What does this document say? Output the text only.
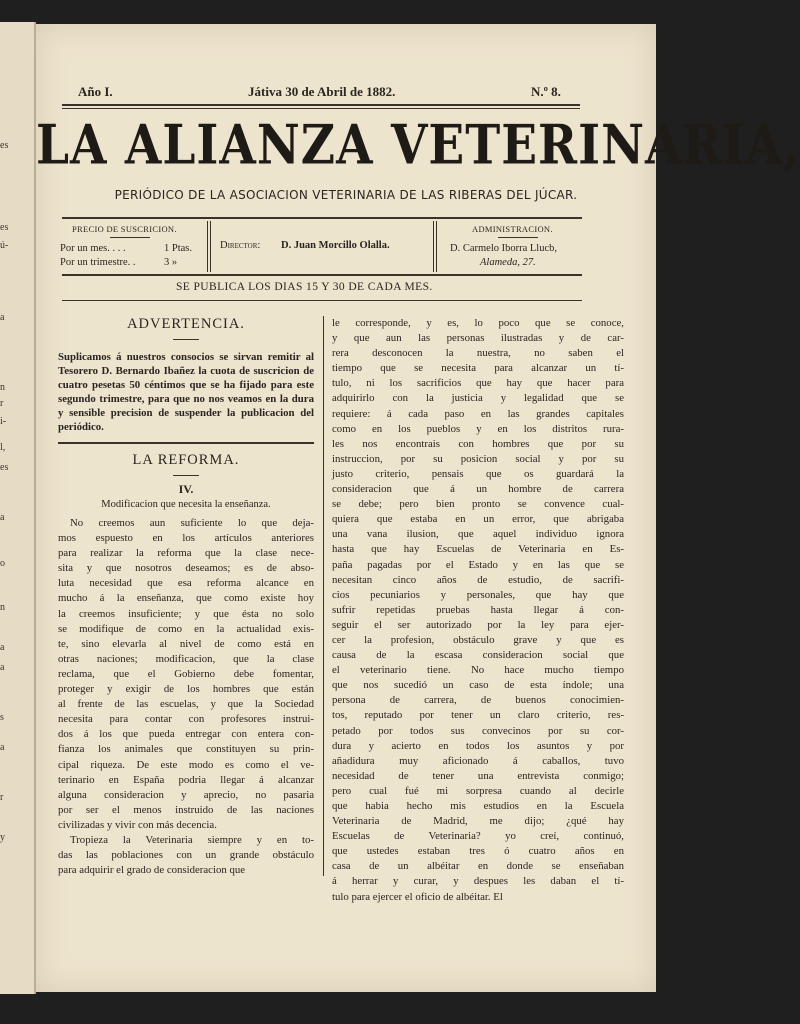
es
es
ú-
a
n
r
i-
l,
es
a
o
n
a
a
s
a
r
y
Año I.	Játiva 30 de Abril de 1882.	N.º 8.
LA ALIANZA VETERINARIA,
PERIÓDICO DE LA ASOCIACION VETERINARIA DE LAS RIBERAS DEL JÚCAR.
PRECIO DE SUSCRICION.
Por un mes. . . .	1 Ptas.
Por un trimestre. .	3 »
Director: D. Juan Morcillo Olalla.
ADMINISTRACION.
D. Carmelo Iborra Llucb,
Alameda, 27.
SE PUBLICA LOS DIAS 15 Y 30 DE CADA MES.

ADVERTENCIA.

Suplicamos á nuestros consocios se sirvan remitir al Tesorero D. Bernardo Ibañez la cuota de suscricion de cuatro pesetas 50 céntimos que se ha fijado para este segundo trimestre, para que no nos veamos en la dura y sensible precision de suspender la publicacion del periódico.

LA REFORMA.

IV.

Modificacion que necesita la enseñanza.

No creemos aun suficiente lo que deja-
mos espuesto en los artículos anteriores
para realizar la reforma que la clase nece-
sita y que nosotros deseamos; es de abso-
luta necesidad que esa reforma alcance en
mucho á la enseñanza, que como existe hoy
la creemos insuficiente; y que ésta no solo
se modifique de como en la actualidad exis-
te, sino elevarla al nivel de como está en
otras naciones; modificacion, que la clase
reclama, que el Gobierno debe fomentar,
proteger y exigir de los hombres que están
al frente de las escuelas, y que la Sociedad
necesita para contar con profesores instrui-
dos á los que pueda entregar con entera con-
fianza los animales que constituyen su prin-
cipal riqueza. De este modo es como el ve-
terinario en España podria llegar á alcanzar
alguna consideracion y aprecio, no pasaria
por ser el menos instruido de las naciones
civilizadas y vivir con más decencia.
Tropieza la Veterinaria siempre y en to-
das las poblaciones con un grande obstáculo
para adquirir el grado de consideracion que
le corresponde, y es, lo poco que se conoce,
y que aun las personas ilustradas y de car-
rera desconocen la nuestra, no saben el
tiempo que se necesita para alcanzar un tí-
tulo, ni los sacrificios que hay que hacer para
adquirirlo con la justicia y legalidad que se
requiere: á cada paso en las grandes capitales
como en los pueblos y en los distritos rura-
les nos encontrais con hombres que por su
instruccion, por su posicion social y por su
justo criterio, pensais que os guardará la
consideracion que á un hombre de carrera
se debe; pero bien pronto se convence cual-
quiera que estaba en un error, que abrigaba
una vana ilusion, que aquel individuo ignora
hasta que hay Escuelas de Veterinaria en Es-
paña pagadas por el Estado y en las que se
necesitan cinco años de estudio, de sacrifi-
cios pecuniarios y personales, que hay que
sufrir repetidas pruebas hasta llegar á con-
seguir el ser autorizado por la ley para ejer-
cer la profesion, obstáculo grave y que es
causa de la escasa consideracion social que
el veterinario tiene. No hace mucho tiempo
que nos sucedió un caso de esta índole; una
persona de carrera, de buenos conocimien-
tos, reputado por tener un claro criterio, res-
petado por todos sus convecinos por su cor-
dura y acierto en todos los asuntos y por
añadidura muy aficionado á caballos, tuvo
necesidad de tener una entrevista conmigo;
pero cual fué mi sorpresa cuando al decirle
que habia hecho mis estudios en la Escuela
Veterinaria de Madrid, me dijo; ¿qué hay
Escuelas de Veterinaria? yo creí, continuó,
que ustedes estaban tres ó cuatro años en
casa de un albéitar en donde se enseñaban
á herrar y curar, y despues les daban el tí-
tulo para ejercer el oficio de albéitar. El
